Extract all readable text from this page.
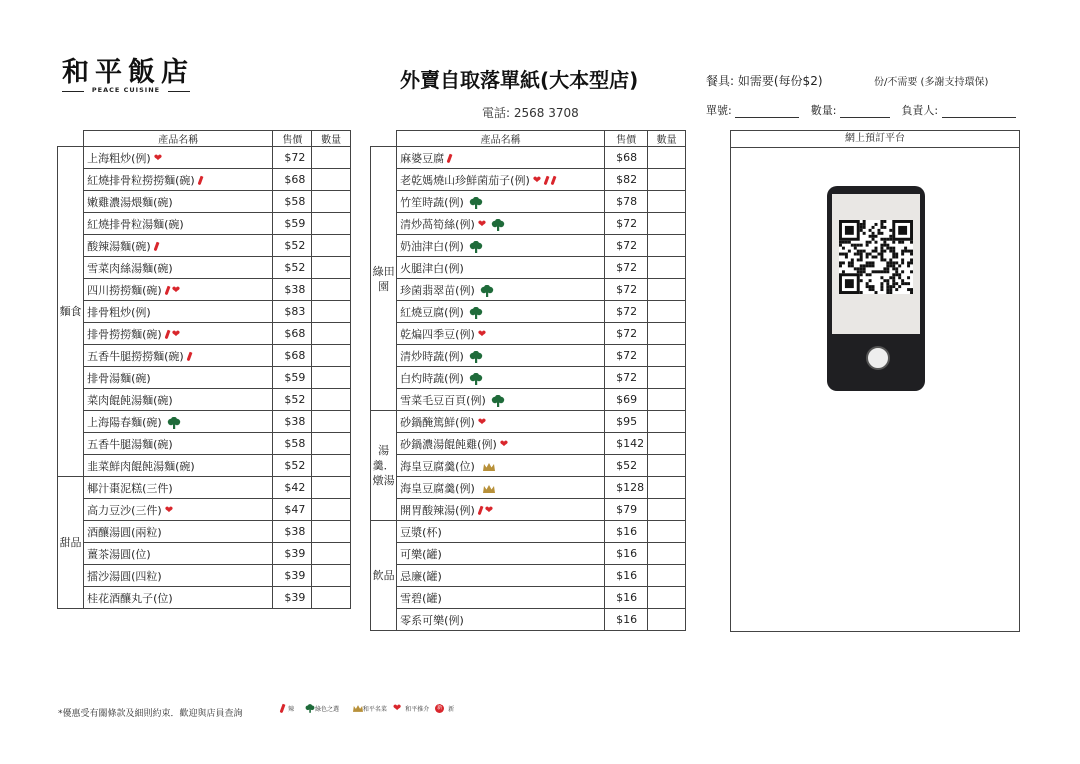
和平飯店
PEACE CUISINE	外賣自取落單紙(大本型店)
電話: 2568 3708
餐具: 如需要(每份$2)	份/不需要 (多謝支持環保)
單號:	數量:	負責人:
	產品名稱	售價	數量
麵食	上海粗炒(例) ❤	$72	
	紅燒排骨粒撈撈麵(碗)	$68	
	嫩雞濃湯煨麵(碗)	$58	
	紅燒排骨粒湯麵(碗)	$59	
	酸辣湯麵(碗)	$52	
	雪菜肉絲湯麵(碗)	$52	
	四川撈撈麵(碗) ❤	$38	
	排骨粗炒(例)	$83	
	排骨撈撈麵(碗) ❤	$68	
	五香牛腿撈撈麵(碗)	$68	
	排骨湯麵(碗)	$59	
	菜肉餛飩湯麵(碗)	$52	
	上海陽春麵(碗)	$38	
	五香牛腿湯麵(碗)	$58	
	韭菜鮮肉餛飩湯麵(碗)	$52	
甜品	椰汁棗泥糕(三件)	$42	
	高力豆沙(三件) ❤	$47	
	酒釀湯圓(兩粒)	$38	
	薑茶湯圓(位)	$39	
	擂沙湯圓(四粒)	$39	
	桂花酒釀丸子(位)	$39	
	產品名稱	售價	數量
綠田園	麻婆豆腐	$68	
	老乾媽燒山珍鮮菌茄子(例) ❤	$82	
	竹笙時蔬(例)	$78	
	清炒萵筍絲(例) ❤	$72	
	奶油津白(例)	$72	
	火腿津白(例)	$72	
	珍菌翡翠苗(例)	$72	
	紅燒豆腐(例)	$72	
	乾煸四季豆(例) ❤	$72	
	清炒時蔬(例)	$72	
	白灼時蔬(例)	$72	
	雪菜毛豆百頁(例)	$69	
湯羹．燉湯	砂鍋醃篤鮮(例) ❤	$95	
	砂鍋濃湯餛飩雞(例) ❤	$142	
	海皇豆腐羹(位)	$52	
	海皇豆腐羹(例)	$128	
	開胃酸辣湯(例) ❤	$79	
飲品	豆漿(杯)	$16	
	可樂(罐)	$16	
	忌廉(罐)	$16	
	雪碧(罐)	$16	
	零系可樂(例)	$16	
網上預訂平台
*優惠受有關條款及細則約束．歡迎與店員查詢	辣	綠色之選	和平名菜 ❤ 和平推介 新 新
